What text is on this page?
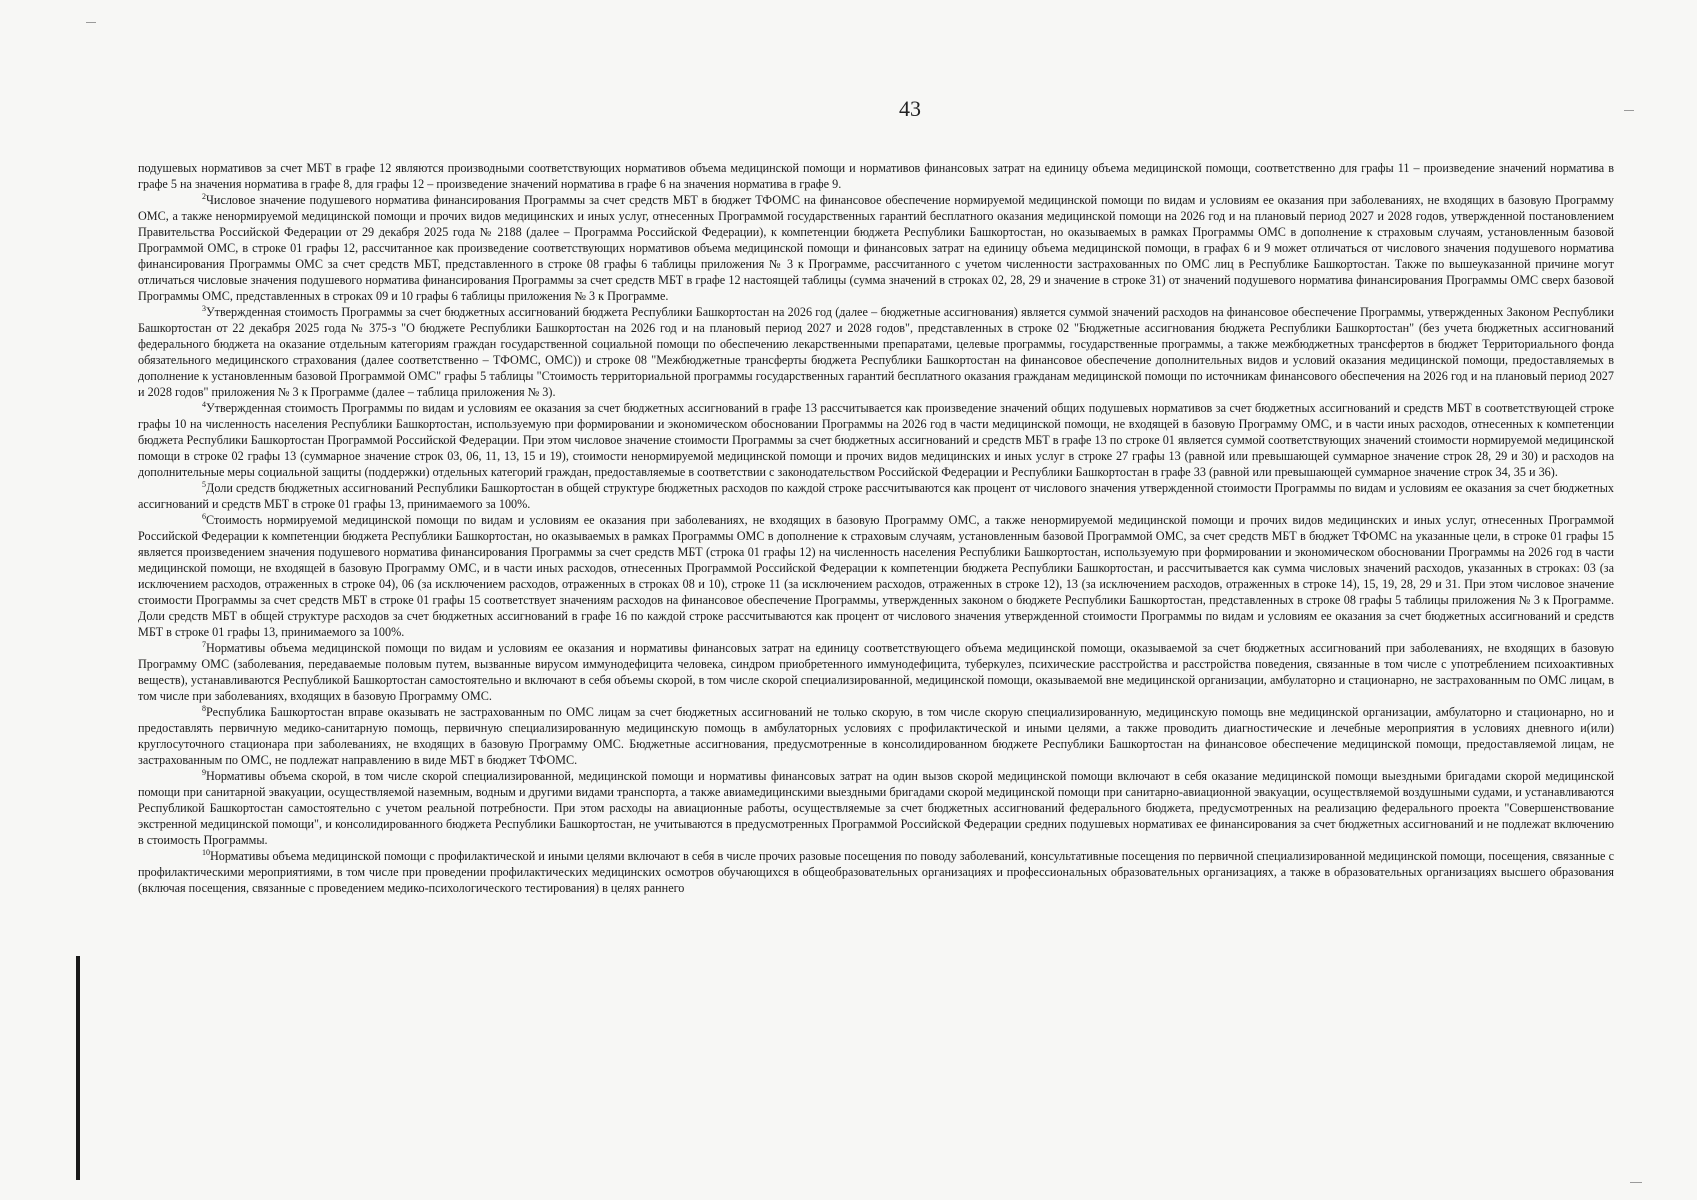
43

подушевых нормативов за счет МБТ в графе 12 являются производными соответствующих нормативов объема медицинской помощи и нормативов финансовых затрат на единицу объема медицинской помощи, соответственно для графы 11 – произведение значений норматива в графе 5 на значения норматива в графе 8, для графы 12 – произведение значений норматива в графе 6 на значения норматива в графе 9.

$^2$Числовое значение подушевого норматива финансирования Программы за счет средств МБТ в бюджет ТФОМС на финансовое обеспечение нормируемой медицинской помощи по видам и условиям ее оказания при заболеваниях, не входящих в базовую Программу ОМС, а также ненормируемой медицинской помощи и прочих видов медицинских и иных услуг, отнесенных Программой государственных гарантий бесплатного оказания медицинской помощи на 2026 год и на плановый период 2027 и 2028 годов, утвержденной постановлением Правительства Российской Федерации от 29 декабря 2025 года № 2188 (далее – Программа Российской Федерации), к компетенции бюджета Республики Башкортостан, но оказываемых в рамках Программы ОМС в дополнение к страховым случаям, установленным базовой Программой ОМС, в строке 01 графы 12, рассчитанное как произведение соответствующих нормативов объема медицинской помощи и финансовых затрат на единицу объема медицинской помощи, в графах 6 и 9 может отличаться от числового значения подушевого норматива финансирования Программы ОМС за счет средств МБТ, представленного в строке 08 графы 6 таблицы приложения № 3 к Программе, рассчитанного с учетом численности застрахованных по ОМС лиц в Республике Башкортостан. Также по вышеуказанной причине могут отличаться числовые значения подушевого норматива финансирования Программы за счет средств МБТ в графе 12 настоящей таблицы (сумма значений в строках 02, 28, 29 и значение в строке 31) от значений подушевого норматива финансирования Программы ОМС сверх базовой Программы ОМС, представленных в строках 09 и 10 графы 6 таблицы приложения № 3 к Программе.

$^3$Утвержденная стоимость Программы за счет бюджетных ассигнований бюджета Республики Башкортостан на 2026 год (далее – бюджетные ассигнования) является суммой значений расходов на финансовое обеспечение Программы, утвержденных Законом Республики Башкортостан от 22 декабря 2025 года № 375-з "О бюджете Республики Башкортостан на 2026 год и на плановый период 2027 и 2028 годов", представленных в строке 02 "Бюджетные ассигнования бюджета Республики Башкортостан" (без учета бюджетных ассигнований федерального бюджета на оказание отдельным категориям граждан государственной социальной помощи по обеспечению лекарственными препаратами, целевые программы, государственные программы, а также межбюджетных трансфертов в бюджет Территориального фонда обязательного медицинского страхования (далее соответственно – ТФОМС, ОМС)) и строке 08 "Межбюджетные трансферты бюджета Республики Башкортостан на финансовое обеспечение дополнительных видов и условий оказания медицинской помощи, предоставляемых в дополнение к установленным базовой Программой ОМС" графы 5 таблицы "Стоимость территориальной программы государственных гарантий бесплатного оказания гражданам медицинской помощи по источникам финансового обеспечения на 2026 год и на плановый период 2027 и 2028 годов" приложения № 3 к Программе (далее – таблица приложения № 3).

$^4$Утвержденная стоимость Программы по видам и условиям ее оказания за счет бюджетных ассигнований в графе 13 рассчитывается как произведение значений общих подушевых нормативов за счет бюджетных ассигнований и средств МБТ в соответствующей строке графы 10 на численность населения Республики Башкортостан, используемую при формировании и экономическом обосновании Программы на 2026 год в части медицинской помощи, не входящей в базовую Программу ОМС, и в части иных расходов, отнесенных к компетенции бюджета Республики Башкортостан Программой Российской Федерации. При этом числовое значение стоимости Программы за счет бюджетных ассигнований и средств МБТ в графе 13 по строке 01 является суммой соответствующих значений стоимости нормируемой медицинской помощи в строке 02 графы 13 (суммарное значение строк 03, 06, 11, 13, 15 и 19), стоимости ненормируемой медицинской помощи и прочих видов медицинских и иных услуг в строке 27 графы 13 (равной или превышающей суммарное значение строк 28, 29 и 30) и расходов на дополнительные меры социальной защиты (поддержки) отдельных категорий граждан, предоставляемые в соответствии с законодательством Российской Федерации и Республики Башкортостан в графе 33 (равной или превышающей суммарное значение строк 34, 35 и 36).

$^5$Доли средств бюджетных ассигнований Республики Башкортостан в общей структуре бюджетных расходов по каждой строке рассчитываются как процент от числового значения утвержденной стоимости Программы по видам и условиям ее оказания за счет бюджетных ассигнований и средств МБТ в строке 01 графы 13, принимаемого за 100%.

$^6$Стоимость нормируемой медицинской помощи по видам и условиям ее оказания при заболеваниях, не входящих в базовую Программу ОМС, а также ненормируемой медицинской помощи и прочих видов медицинских и иных услуг, отнесенных Программой Российской Федерации к компетенции бюджета Республики Башкортостан, но оказываемых в рамках Программы ОМС в дополнение к страховым случаям, установленным базовой Программой ОМС, за счет средств МБТ в бюджет ТФОМС на указанные цели, в строке 01 графы 15 является произведением значения подушевого норматива финансирования Программы за счет средств МБТ (строка 01 графы 12) на численность населения Республики Башкортостан, используемую при формировании и экономическом обосновании Программы на 2026 год в части медицинской помощи, не входящей в базовую Программу ОМС, и в части иных расходов, отнесенных Программой Российской Федерации к компетенции бюджета Республики Башкортостан, и рассчитывается как сумма числовых значений расходов, указанных в строках: 03 (за исключением расходов, отраженных в строке 04), 06 (за исключением расходов, отраженных в строках 08 и 10), строке 11 (за исключением расходов, отраженных в строке 12), 13 (за исключением расходов, отраженных в строке 14), 15, 19, 28, 29 и 31. При этом числовое значение стоимости Программы за счет средств МБТ в строке 01 графы 15 соответствует значениям расходов на финансовое обеспечение Программы, утвержденных законом о бюджете Республики Башкортостан, представленных в строке 08 графы 5 таблицы приложения № 3 к Программе. Доли средств МБТ в общей структуре расходов за счет бюджетных ассигнований в графе 16 по каждой строке рассчитываются как процент от числового значения утвержденной стоимости Программы по видам и условиям ее оказания за счет бюджетных ассигнований и средств МБТ в строке 01 графы 13, принимаемого за 100%.

$^7$Нормативы объема медицинской помощи по видам и условиям ее оказания и нормативы финансовых затрат на единицу соответствующего объема медицинской помощи, оказываемой за счет бюджетных ассигнований при заболеваниях, не входящих в базовую Программу ОМС (заболевания, передаваемые половым путем, вызванные вирусом иммунодефицита человека, синдром приобретенного иммунодефицита, туберкулез, психические расстройства и расстройства поведения, связанные в том числе с употреблением психоактивных веществ), устанавливаются Республикой Башкортостан самостоятельно и включают в себя объемы скорой, в том числе скорой специализированной, медицинской помощи, оказываемой вне медицинской организации, амбулаторно и стационарно, не застрахованным по ОМС лицам, в том числе при заболеваниях, входящих в базовую Программу ОМС.

$^8$Республика Башкортостан вправе оказывать не застрахованным по ОМС лицам за счет бюджетных ассигнований не только скорую, в том числе скорую специализированную, медицинскую помощь вне медицинской организации, амбулаторно и стационарно, но и предоставлять первичную медико-санитарную помощь, первичную специализированную медицинскую помощь в амбулаторных условиях с профилактической и иными целями, а также проводить диагностические и лечебные мероприятия в условиях дневного и(или) круглосуточного стационара при заболеваниях, не входящих в базовую Программу ОМС. Бюджетные ассигнования, предусмотренные в консолидированном бюджете Республики Башкортостан на финансовое обеспечение медицинской помощи, предоставляемой лицам, не застрахованным по ОМС, не подлежат направлению в виде МБТ в бюджет ТФОМС.

$^9$Нормативы объема скорой, в том числе скорой специализированной, медицинской помощи и нормативы финансовых затрат на один вызов скорой медицинской помощи включают в себя оказание медицинской помощи выездными бригадами скорой медицинской помощи при санитарной эвакуации, осуществляемой наземным, водным и другими видами транспорта, а также авиамедицинскими выездными бригадами скорой медицинской помощи при санитарно-авиационной эвакуации, осуществляемой воздушными судами, и устанавливаются Республикой Башкортостан самостоятельно с учетом реальной потребности. При этом расходы на авиационные работы, осуществляемые за счет бюджетных ассигнований федерального бюджета, предусмотренных на реализацию федерального проекта "Совершенствование экстренной медицинской помощи", и консолидированного бюджета Республики Башкортостан, не учитываются в предусмотренных Программой Российской Федерации средних подушевых нормативах ее финансирования за счет бюджетных ассигнований и не подлежат включению в стоимость Программы.

$^{10}$Нормативы объема медицинской помощи с профилактической и иными целями включают в себя в числе прочих разовые посещения по поводу заболеваний, консультативные посещения по первичной специализированной медицинской помощи, посещения, связанные с профилактическими мероприятиями, в том числе при проведении профилактических медицинских осмотров обучающихся в общеобразовательных организациях и профессиональных образовательных организациях, а также в образовательных организациях высшего образования (включая посещения, связанные с проведением медико-психологического тестирования) в целях раннего
